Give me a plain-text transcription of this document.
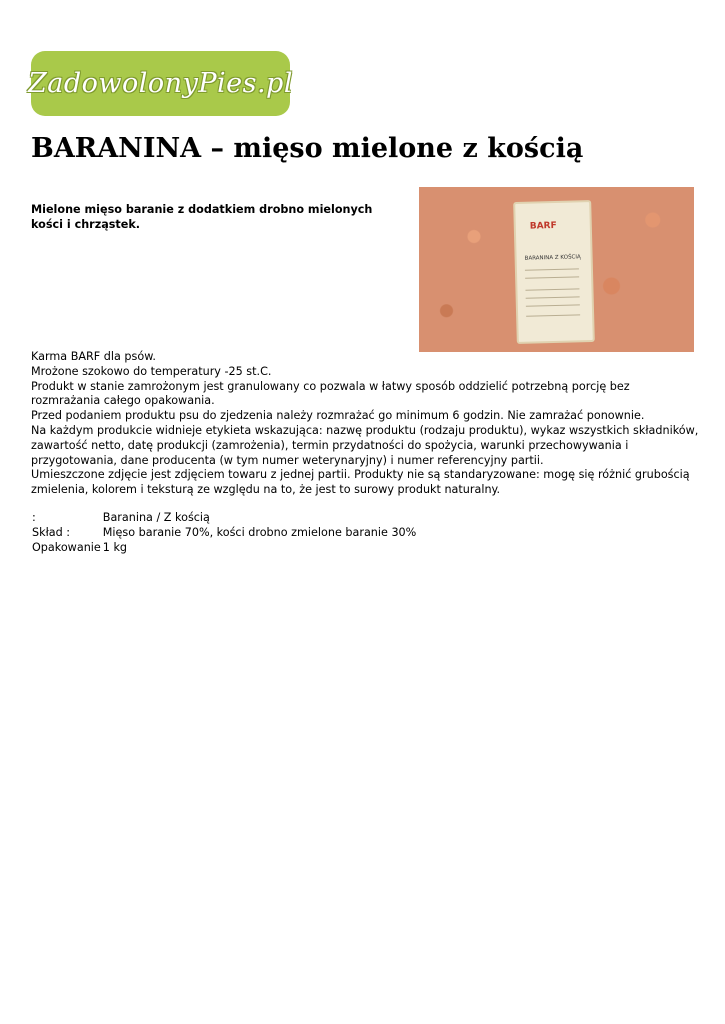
ZadowolonyPies.pl
BARANINA – mięso mielone z kością

Mielone mięso baranie z dodatkiem drobno mielonych kości i chrząstek.	BARF
BARANINA Z KOŚCIĄ

Karma BARF dla psów.

Mrożone szokowo do temperatury -25 st.C.

Produkt w stanie zamrożonym jest granulowany co pozwala w łatwy sposób oddzielić potrzebną porcję bez rozmrażania całego opakowania.

Przed podaniem produktu psu do zjedzenia należy rozmrażać go minimum 6 godzin. Nie zamrażać ponownie.

Na każdym produkcie widnieje etykieta wskazująca: nazwę produktu (rodzaju produktu), wykaz wszystkich składników, zawartość netto, datę produkcji (zamrożenia), termin przydatności do spożycia, warunki przechowywania i przygotowania, dane producenta (w tym numer weterynaryjny) i numer referencyjny partii.

Umieszczone zdjęcie jest zdjęciem towaru z jednej partii. Produkty nie są standaryzowane: mogę się różnić grubością zmielenia, kolorem i teksturą ze względu na to, że jest to surowy produkt naturalny.

:	Baranina / Z kością
Skład :	Mięso baranie 70%, kości drobno zmielone baranie 30%
Opakowanie	1 kg
